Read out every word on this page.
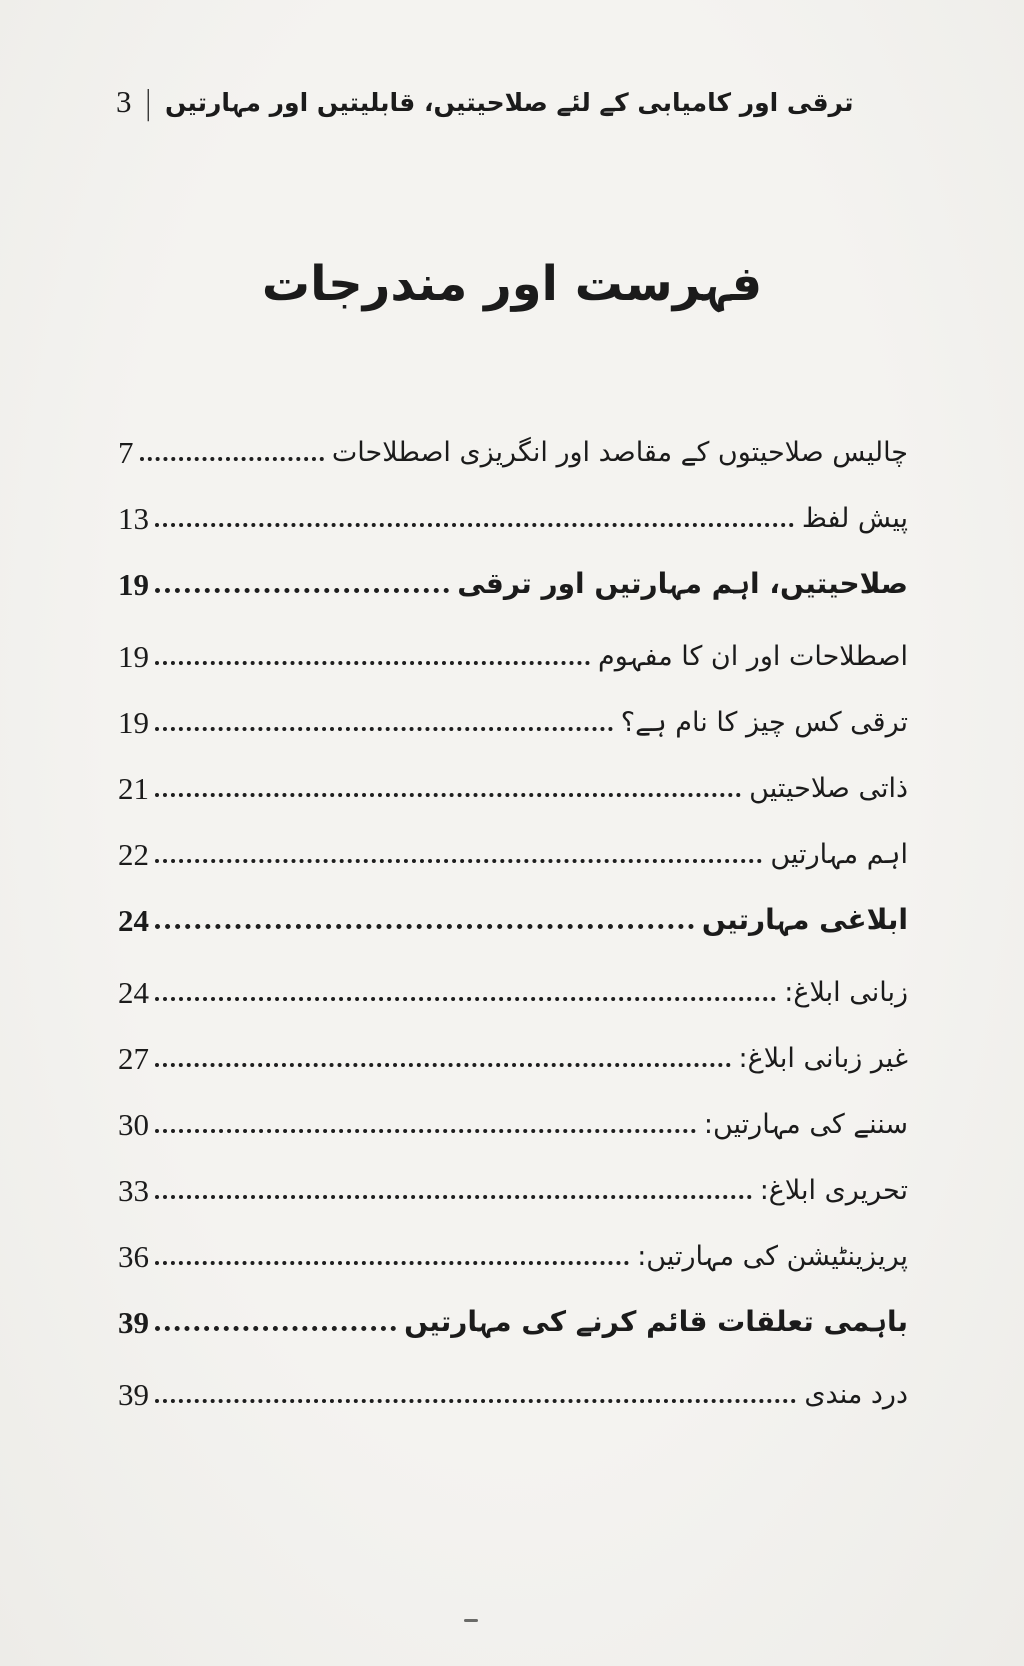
3 | ترقی اور کامیابی کے لئے صلاحیتیں، قابلیتیں اور مہارتیں
فہرست اور مندرجات
چالیس صلاحیتوں کے مقاصد اور انگریزی اصطلاحات
7
پیش لفظ
13
صلاحیتیں، اہم مہارتیں اور ترقی
19
اصطلاحات اور ان کا مفہوم
19
ترقی کس چیز کا نام ہے؟
19
ذاتی صلاحیتیں
21
اہم مہارتیں
22
ابلاغی مہارتیں
24
زبانی ابلاغ:
24
غیر زبانی ابلاغ:
27
سننے کی مہارتیں:
30
تحریری ابلاغ:
33
پریزینٹیشن کی مہارتیں:
36
باہمی تعلقات قائم کرنے کی مہارتیں
39
درد مندی
39
